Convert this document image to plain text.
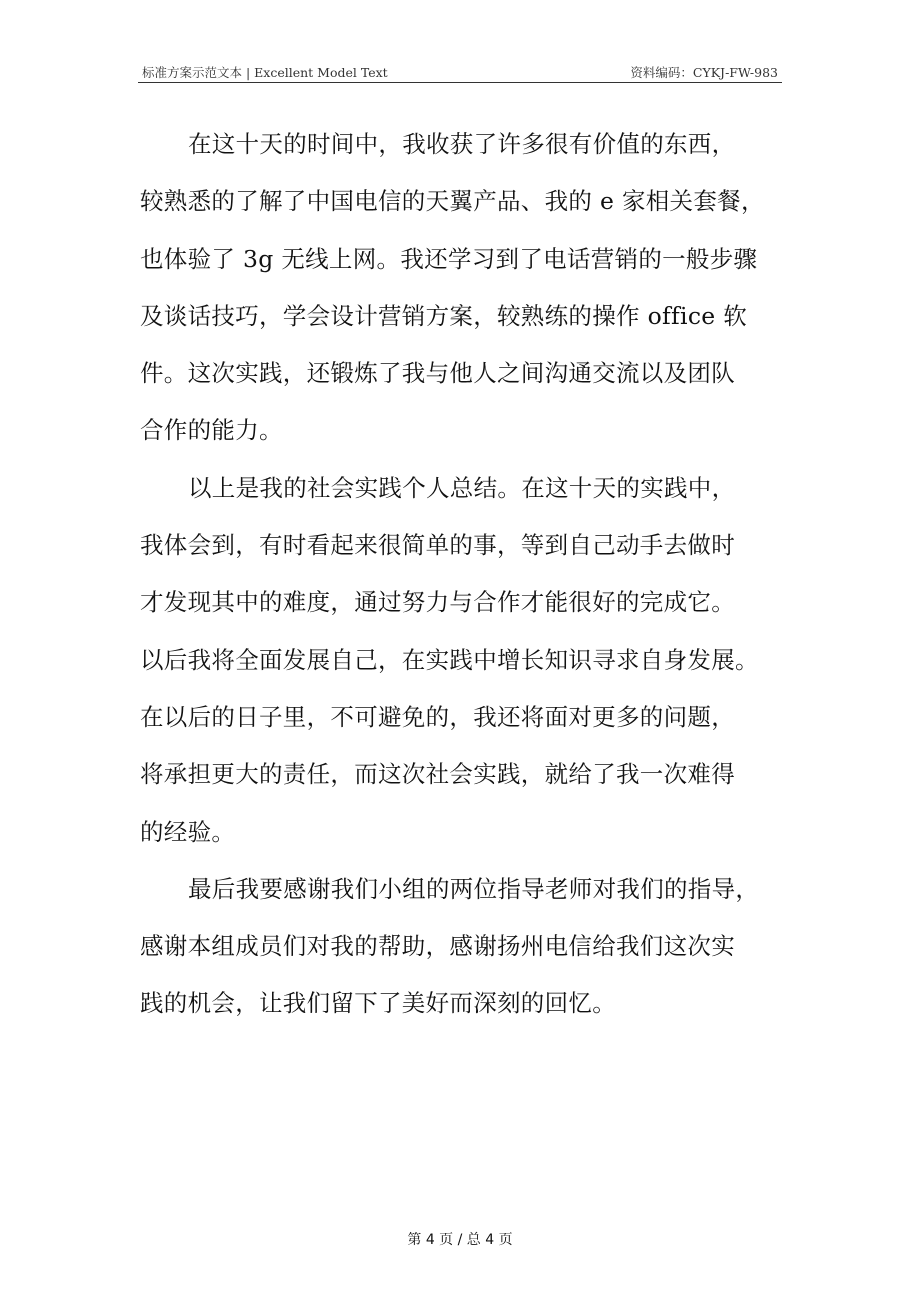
标准方案示范文本 | Excellent Model Text	资料编码：CYKJ-FW-983
在这十天的时间中，我收获了许多很有价值的东西，
较熟悉的了解了中国电信的天翼产品、我的 e 家相关套餐，
也体验了 3g 无线上网。我还学习到了电话营销的一般步骤
及谈话技巧，学会设计营销方案，较熟练的操作 office 软
件。这次实践，还锻炼了我与他人之间沟通交流以及团队
合作的能力。
以上是我的社会实践个人总结。在这十天的实践中，
我体会到，有时看起来很简单的事，等到自己动手去做时
才发现其中的难度，通过努力与合作才能很好的完成它。
以后我将全面发展自己，在实践中增长知识寻求自身发展。
在以后的日子里，不可避免的，我还将面对更多的问题，
将承担更大的责任，而这次社会实践，就给了我一次难得
的经验。
最后我要感谢我们小组的两位指导老师对我们的指导，
感谢本组成员们对我的帮助，感谢扬州电信给我们这次实
践的机会，让我们留下了美好而深刻的回忆。
第 4 页 / 总 4 页
